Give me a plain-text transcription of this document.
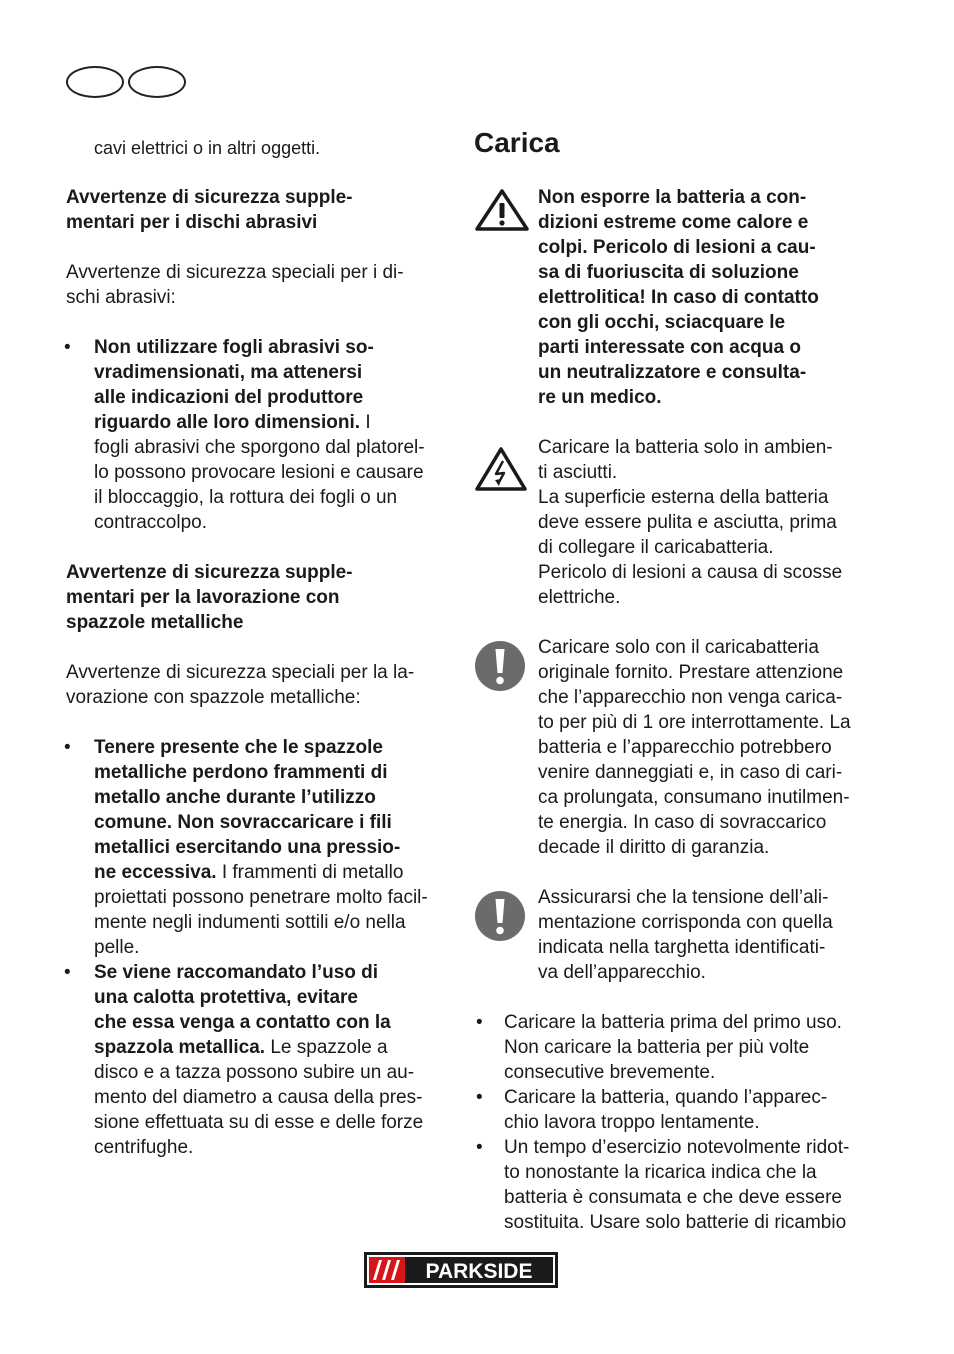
cavi elettrici o in altri oggetti.
Avvertenze di sicurezza supple-
mentari per i dischi abrasivi
Avvertenze di sicurezza speciali per i di-
schi abrasivi:
• Non utilizzare fogli abrasivi so-
vradimensionati, ma attenersi
alle indicazioni del produttore
riguardo alle loro dimensioni. I
fogli abrasivi che sporgono dal platorel-
lo possono provocare lesioni e causare
il bloccaggio, la rottura dei fogli o un
contraccolpo.
Avvertenze di sicurezza supple-
mentari per la lavorazione con
spazzole metalliche
Avvertenze di sicurezza speciali per la la-
vorazione con spazzole metalliche:
• Tenere presente che le spazzole
metalliche perdono frammenti di
metallo anche durante l’utilizzo
comune. Non sovraccaricare i fili
metallici esercitando una pressio-
ne eccessiva. I frammenti di metallo
proiettati possono penetrare molto facil-
mente negli indumenti sottili e/o nella
pelle.
• Se viene raccomandato l’uso di
una calotta protettiva, evitare
che essa venga a contatto con la
spazzola metallica. Le spazzole a
disco e a tazza possono subire un au-
mento del diametro a causa della pres-
sione effettuata su di esse e delle forze
centrifughe.
Carica
Non esporre la batteria a con-
dizioni estreme come calore e
colpi. Pericolo di lesioni a cau-
sa di fuoriuscita di soluzione
elettrolitica! In caso di contatto
con gli occhi, sciacquare le
parti interessate con acqua o
un neutralizzatore e consulta-
re un medico.
Caricare la batteria solo in ambien-
ti asciutti.
La superficie esterna della batteria
deve essere pulita e asciutta, prima
di collegare il caricabatteria.
Pericolo di lesioni a causa di scosse
elettriche.
Caricare solo con il caricabatteria
originale fornito. Prestare attenzione
che l’apparecchio non venga carica-
to per più di 1 ore interrottamente. La
batteria e l’apparecchio potrebbero
venire danneggiati e, in caso di cari-
ca prolungata, consumano inutilmen-
te energia. In caso di sovraccarico
decade il diritto di garanzia.
Assicurarsi che la tensione dell’ali-
mentazione corrisponda con quella
indicata nella targhetta identificati-
va dell’apparecchio.
• Caricare la batteria prima del primo uso.
Non caricare la batteria per più volte
consecutive brevemente.
• Caricare la batteria, quando l’apparec-
chio lavora troppo lentamente.
• Un tempo d’esercizio notevolmente ridot-
to nonostante la ricarica indica che la
batteria è consumata e che deve essere
sostituita. Usare solo batterie di ricambio
PARKSIDE
